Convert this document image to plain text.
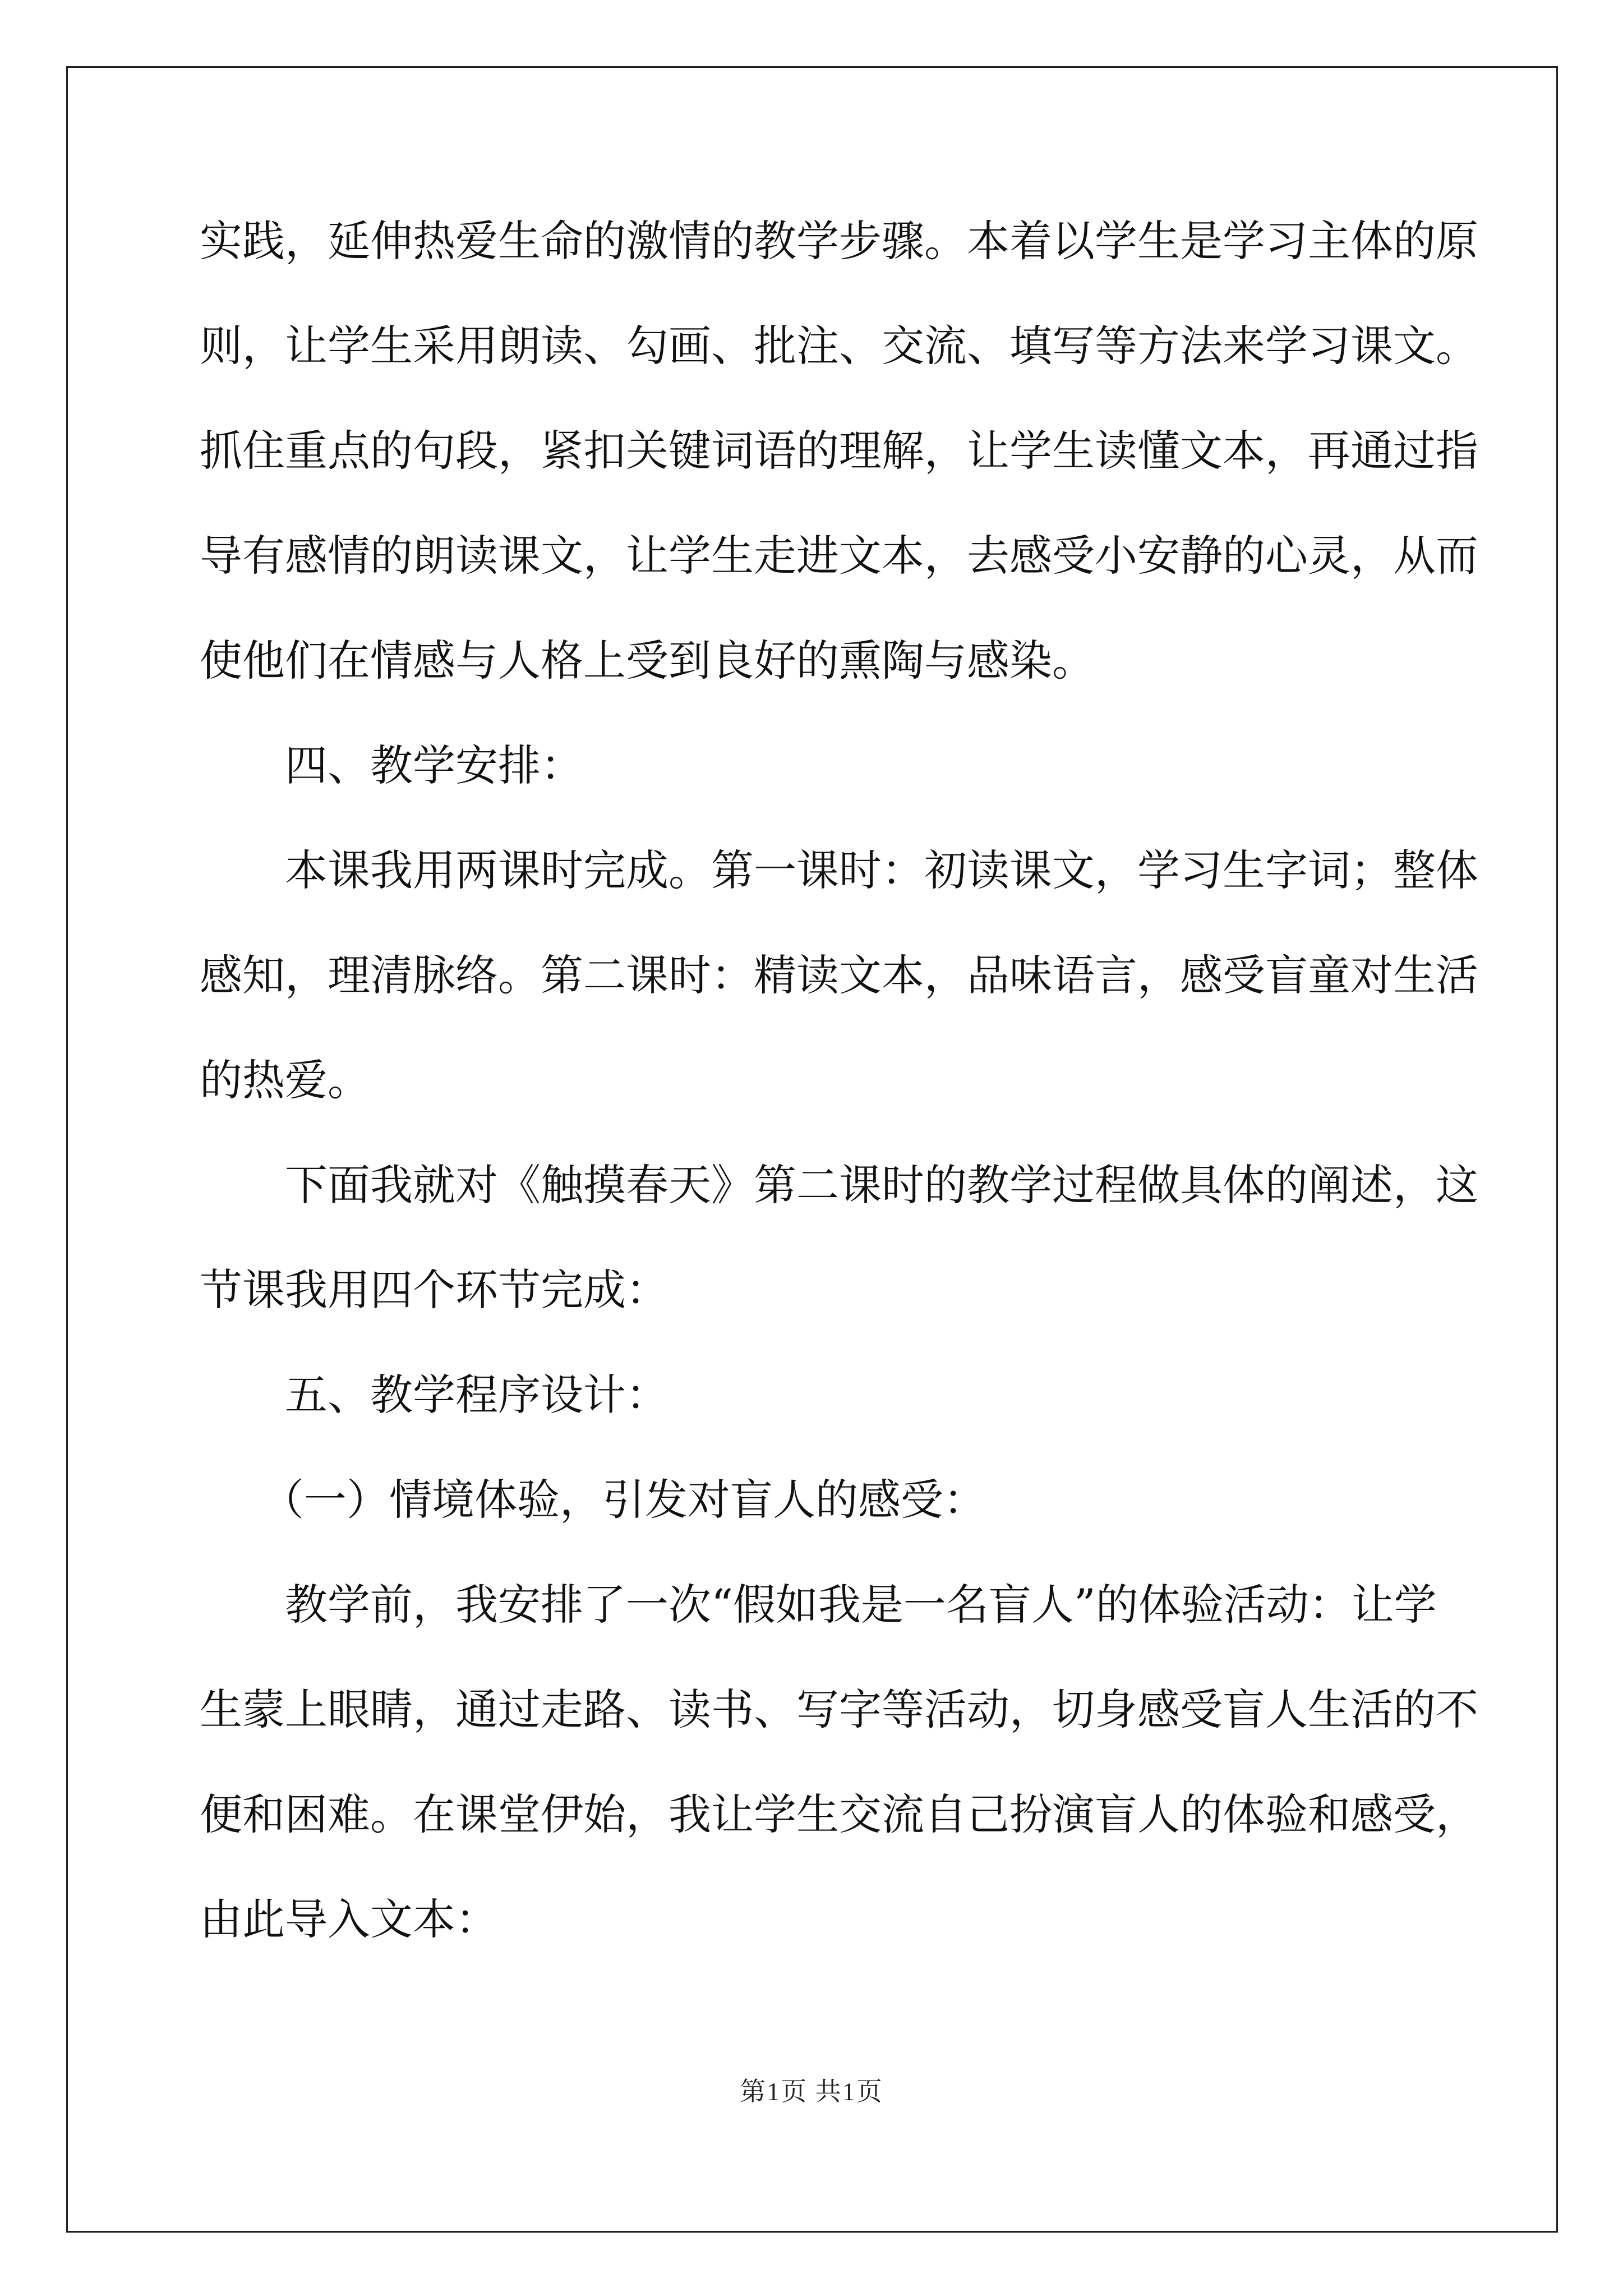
实践，延伸热爱生命的激情的教学步骤。本着以学生是学习主体的原
则，让学生采用朗读、勾画、批注、交流、填写等方法来学习课文。
抓住重点的句段，紧扣关键词语的理解，让学生读懂文本，再通过指
导有感情的朗读课文，让学生走进文本，去感受小安静的心灵，从而
使他们在情感与人格上受到良好的熏陶与感染。
四、教学安排：
本课我用两课时完成。第一课时：初读课文，学习生字词；整体
感知，理清脉络。第二课时：精读文本，品味语言，感受盲童对生活
的热爱。
下面我就对《触摸春天》第二课时的教学过程做具体的阐述，这
节课我用四个环节完成：
五、教学程序设计：
（一）情境体验，引发对盲人的感受：
教学前，我安排了一次“假如我是一名盲人”的体验活动：让学
生蒙上眼睛，通过走路、读书、写字等活动，切身感受盲人生活的不
便和困难。在课堂伊始，我让学生交流自己扮演盲人的体验和感受，
由此导入文本：
第1页 共1页
